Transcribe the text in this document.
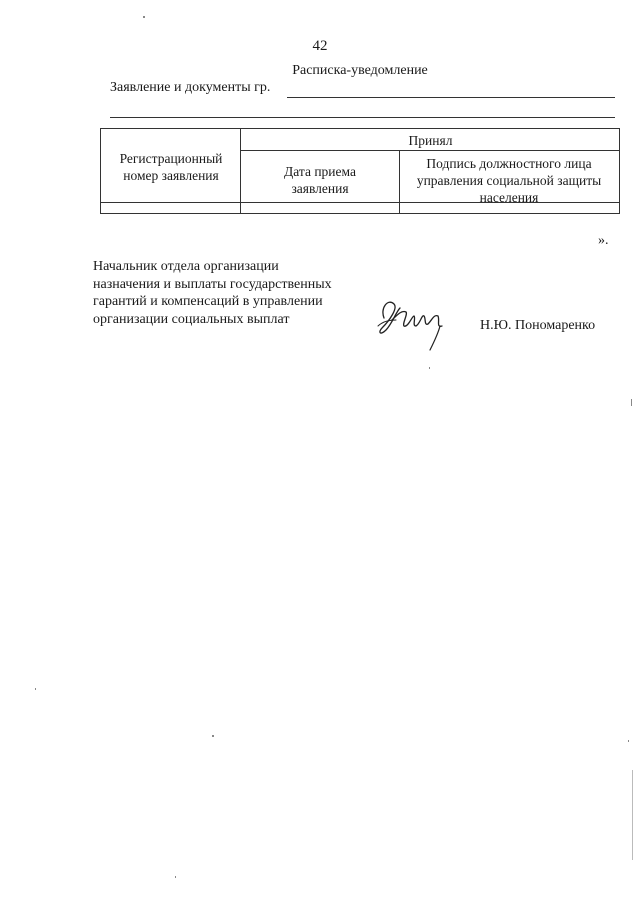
42
Расписка-уведомление
Заявление и документы гр.
Регистрационный номер заявления
Принял
Дата приема заявления
Подпись должностного лица управления социальной защиты населения
».
Начальник отдела организации
назначения и выплаты государственных
гарантий и компенсаций в управлении
организации социальных выплат	Н.Ю. Пономаренко
